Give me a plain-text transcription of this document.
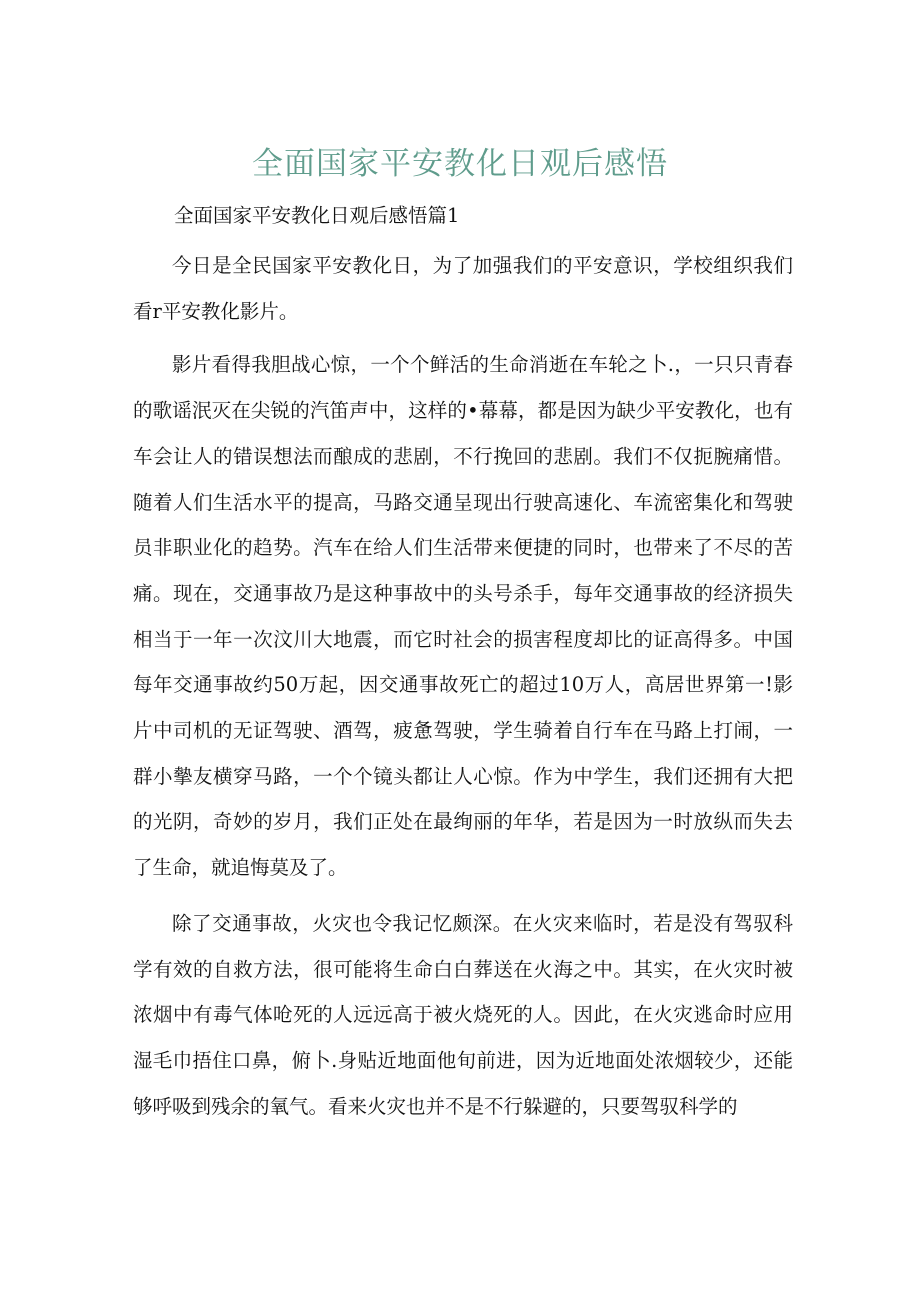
全面国家平安教化日观后感悟

全面国家平安教化日观后感悟篇1

今日是全民国家平安教化日，为了加强我们的平安意识，学校组织我们看r平安教化影片。

影片看得我胆战心惊，一个个鲜活的生命消逝在车轮之卜.，一只只青春的歌谣泯灭在尖锐的汽笛声中，这样的•幕幕，都是因为缺少平安教化，也有车会让人的错误想法而酿成的悲剧，不行挽回的悲剧。我们不仅扼腕痛惜。随着人们生活水平的提高，马路交通呈现出行驶高速化、车流密集化和驾驶员非职业化的趋势。汽车在给人们生活带来便捷的同时，也带来了不尽的苦痛。现在，交通事故乃是这种事故中的头号杀手，每年交通事故的经济损失相当于一年一次汶川大地震，而它时社会的损害程度却比的证高得多。中国每年交通事故约50万起，因交通事故死亡的超过10万人，高居世界第一!影片中司机的无证驾驶、酒驾，疲惫驾驶，学生骑着自行车在马路上打闹，一群小摰友横穿马路，一个个镜头都让人心惊。作为中学生，我们还拥有大把的光阴，奇妙的岁月，我们正处在最绚丽的年华，若是因为一时放纵而失去了生命，就追悔莫及了。

除了交通事故，火灾也令我记忆颇深。在火灾来临时，若是没有驾驭科学有效的自救方法，很可能将生命白白葬送在火海之中。其实，在火灾时被浓烟中有毒气体呛死的人远远高于被火烧死的人。因此，在火灾逃命时应用湿毛巾捂住口鼻，俯卜.身贴近地面他旬前进，因为近地面处浓烟较少，还能够呼吸到残余的氧气。看来火灾也并不是不行躲避的，只要驾驭科学的
